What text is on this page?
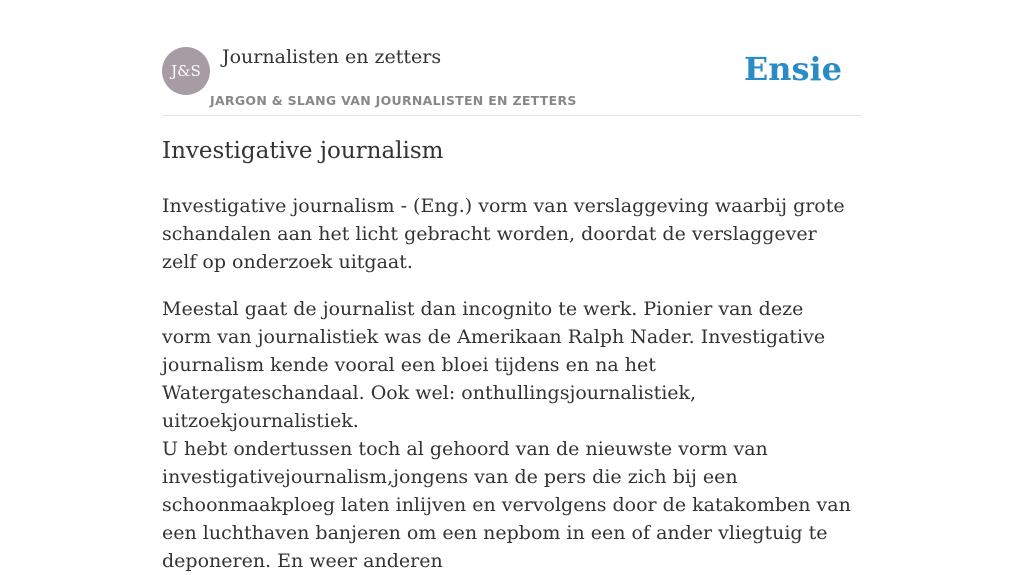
J&S
Journalisten en zetters
JARGON & SLANG VAN JOURNALISTEN EN ZETTERS
Ensie
Investigative journalism

Investigative journalism - (Eng.) vorm van verslaggeving waarbij grote schandalen aan het licht gebracht worden, doordat de verslaggever zelf op onderzoek uitgaat.

Meestal gaat de journalist dan incognito te werk. Pionier van deze vorm van journalistiek was de Amerikaan Ralph Nader. Investigative journalism kende vooral een bloei tijdens en na het Watergateschandaal. Ook wel: onthullingsjournalistiek, uitzoekjournalistiek.

U hebt ondertussen toch al gehoord van de nieuwste vorm van investigativejournalism,jongens van de pers die zich bij een schoonmaakploeg laten inlijven en vervolgens door de katakomben van een luchthaven banjeren om een nepbom in een of ander vliegtuig te deponeren. En weer anderen
